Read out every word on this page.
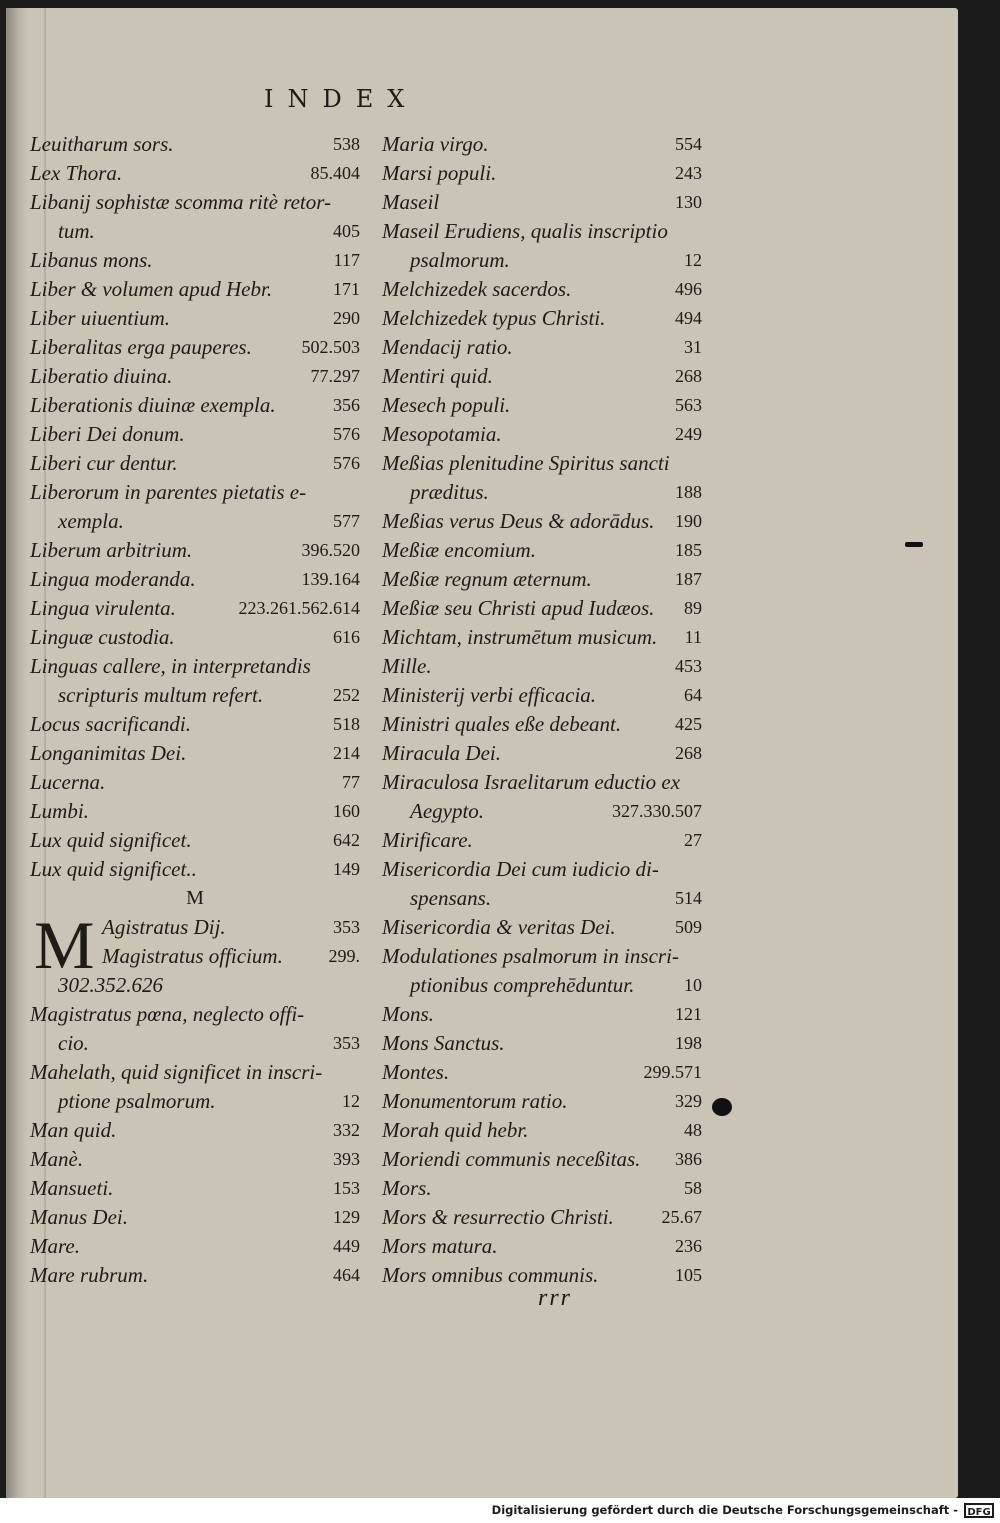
INDEX
Leuitharum sors.	538
Lex Thora.	85.404
Libanij sophistæ scomma ritè retor-
tum.	405
Libanus mons.	117
Liber & volumen apud Hebr.	171
Liber uiuentium.	290
Liberalitas erga pauperes.	502.503
Liberatio diuina.	77.297
Liberationis diuinæ exempla.	356
Liberi Dei donum.	576
Liberi cur dentur.	576
Liberorum in parentes pietatis e-
xempla.	577
Liberum arbitrium.	396.520
Lingua moderanda.	139.164
Lingua virulenta.	223.261.562.614
Linguæ custodia.	616
Linguas callere, in interpretandis
scripturis multum refert.	252
Locus sacrificandi.	518
Longanimitas Dei.	214
Lucerna.	77
Lumbi.	160
Lux quid significet.	642
Lux quid significet..	149
M
M Agistratus Dij.	353
Magistratus officium.	299.
302.352.626
Magistratus pœna, neglecto offi-
cio.	353
Mahelath, quid significet in inscri-
ptione psalmorum.	12
Man quid.	332
Manè.	393
Mansueti.	153
Manus Dei.	129
Mare.	449
Mare rubrum.	464
Maria virgo.	554
Marsi populi.	243
Maseil	130
Maseil Erudiens, qualis inscriptio
psalmorum.	12
Melchizedek sacerdos.	496
Melchizedek typus Christi.	494
Mendacij ratio.	31
Mentiri quid.	268
Mesech populi.	563
Mesopotamia.	249
Meßias plenitudine Spiritus sancti
præditus.	188
Meßias verus Deus & adorādus. 190
Meßiæ encomium.	185
Meßiæ regnum æternum.	187
Meßiæ seu Christi apud Iudæos. 89
Michtam, instrumētum musicum. 11
Mille.	453
Ministerij verbi efficacia.	64
Ministri quales eße debeant.	425
Miracula Dei.	268
Miraculosa Israelitarum eductio ex
Aegypto.	327.330.507
Mirificare.	27
Misericordia Dei cum iudicio di-
spensans.	514
Misericordia & veritas Dei.	509
Modulationes psalmorum in inscri-
ptionibus comprehēduntur.	10
Mons.	121
Mons Sanctus.	198
Montes.	299.571
Monumentorum ratio.	329
Morah quid hebr.	48
Moriendi communis neceßitas. 386
Mors.	58
Mors & resurrectio Christi.	25.67
Mors matura.	236
Mors omnibus communis.	105
rrr
Digitalisierung gefördert durch die Deutsche Forschungsgemeinschaft - DFG
